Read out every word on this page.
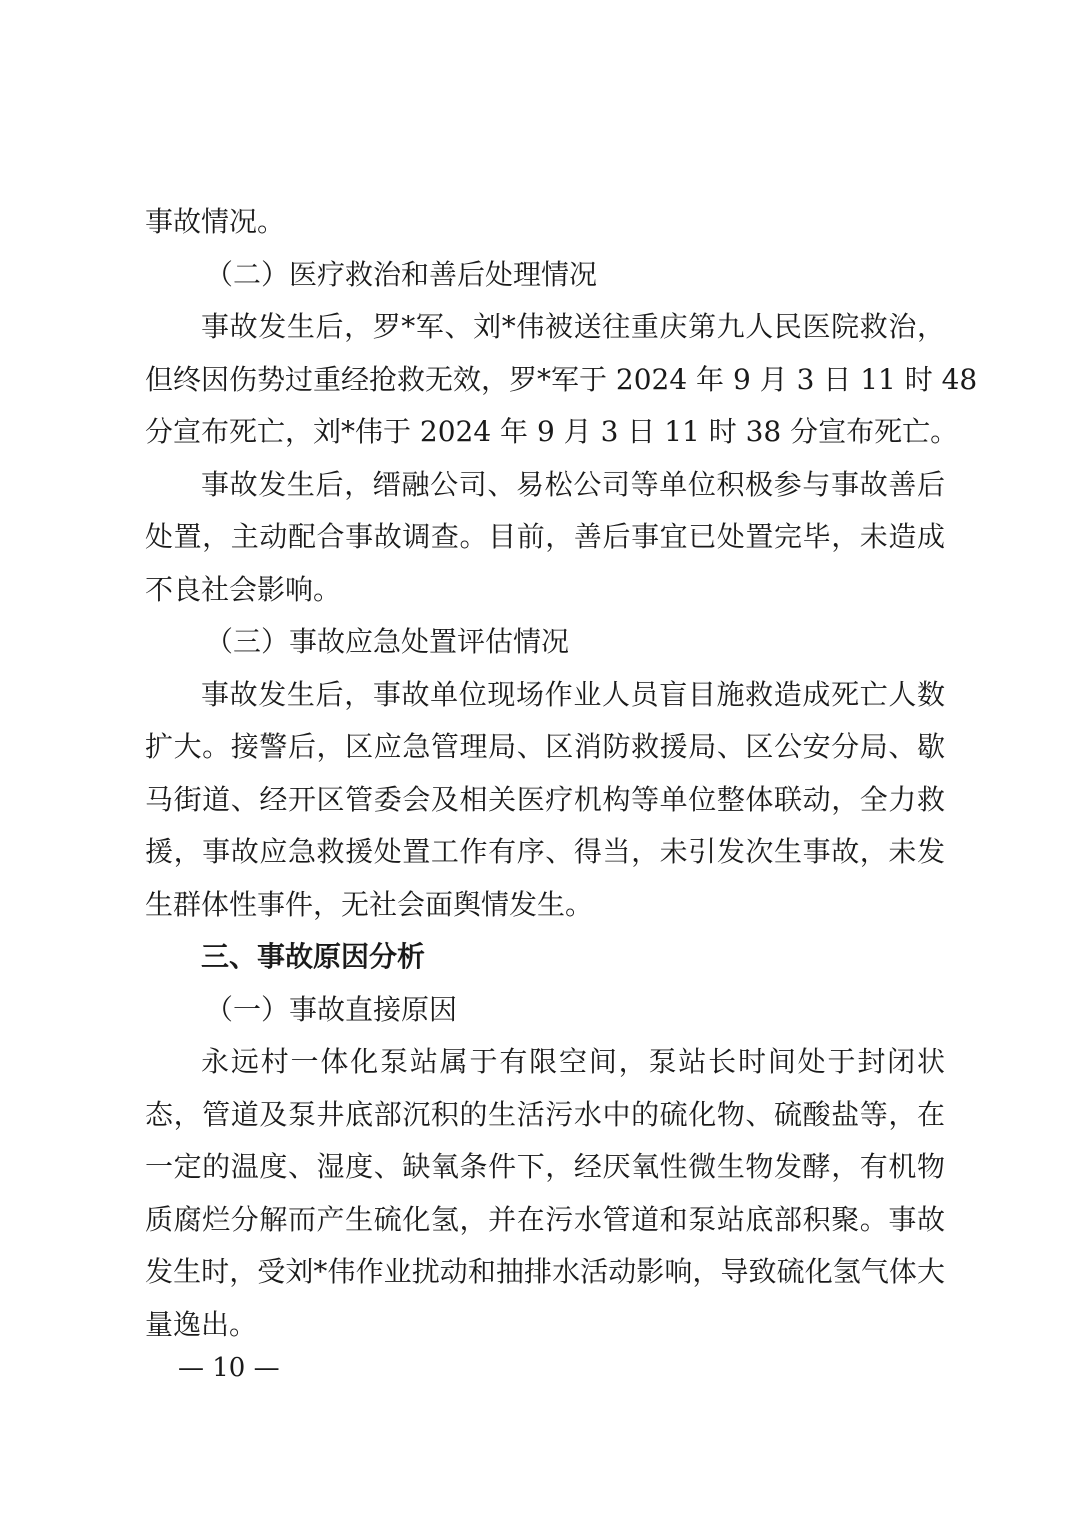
事故情况。
（二）医疗救治和善后处理情况
事故发生后，罗*军、刘*伟被送往重庆第九人民医院救治，
但终因伤势过重经抢救无效，罗*军于 2024 年 9 月 3 日 11 时 48
分宣布死亡，刘*伟于 2024 年 9 月 3 日 11 时 38 分宣布死亡。
事故发生后，缙融公司、易松公司等单位积极参与事故善后
处置，主动配合事故调查。目前，善后事宜已处置完毕，未造成
不良社会影响。
（三）事故应急处置评估情况
事故发生后，事故单位现场作业人员盲目施救造成死亡人数
扩大。接警后，区应急管理局、区消防救援局、区公安分局、歇
马街道、经开区管委会及相关医疗机构等单位整体联动，全力救
援，事故应急救援处置工作有序、得当，未引发次生事故，未发
生群体性事件，无社会面舆情发生。
三、事故原因分析
（一）事故直接原因
永远村一体化泵站属于有限空间，泵站长时间处于封闭状
态，管道及泵井底部沉积的生活污水中的硫化物、硫酸盐等，在
一定的温度、湿度、缺氧条件下，经厌氧性微生物发酵，有机物
质腐烂分解而产生硫化氢，并在污水管道和泵站底部积聚。事故
发生时，受刘*伟作业扰动和抽排水活动影响，导致硫化氢气体大
量逸出。
— 10 —
